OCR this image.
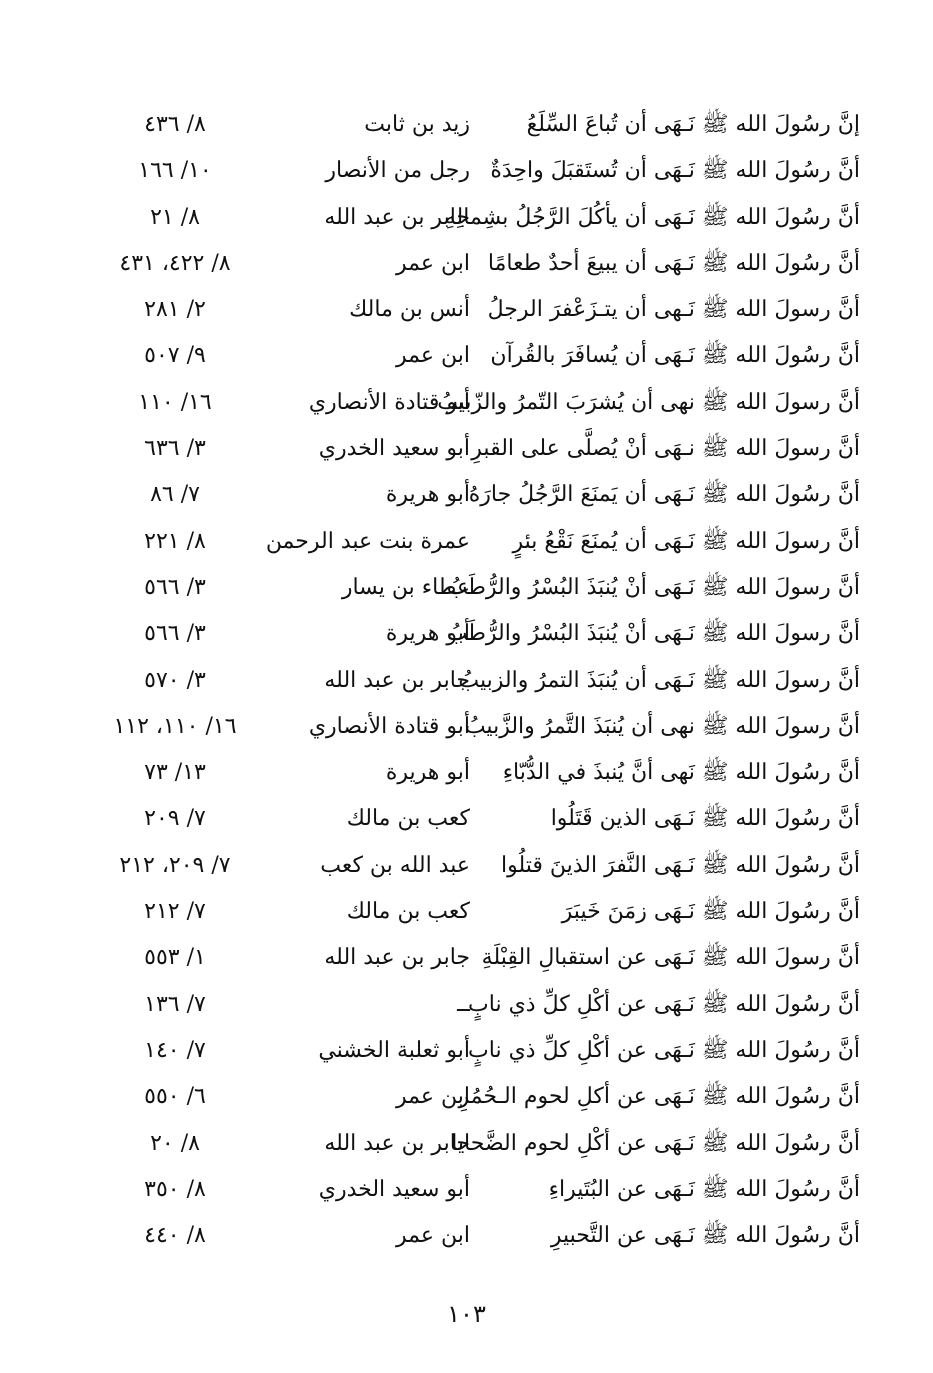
إنَّ رسُولَ الله ﷺ نَـهَى أن تُباعَ السِّلَعُ
زيد بن ثابت
٨/ ٤٣٦
أنَّ رسُولَ الله ﷺ نَـهَى أن تُستَقبَلَ واحِدَةٌ
رجل من الأنصار
١٠/ ١٦٦
أنَّ رسُولَ الله ﷺ نَـهَى أن يأكُلَ الرَّجُلُ بشِمالِهِ
جابر بن عبد الله
٨/ ٢١
أنَّ رسُولَ الله ﷺ نَـهَى أن يبيعَ أحدٌ طعامًا
ابن عمر
٨/ ٤٢٢، ٤٣١
أنَّ رسولَ الله ﷺ نَـهى أن يتـزَعْفرَ الرجلُ
أنس بن مالك
٢/ ٢٨١
أنَّ رسُولَ الله ﷺ نَـهَى أن يُسافَرَ بالقُرآن
ابن عمر
٩/ ٥٠٧
أنَّ رسولَ الله ﷺ نهى أن يُشرَبَ التّمرُ والزّبيبُ
أبو قتادة الأنصاري
١٦/ ١١٠
أنَّ رسولَ الله ﷺ نـهَى أنْ يُصلَّى على القبرِ
أبو سعيد الخدري
٣/ ٦٣٦
أنَّ رسُولَ الله ﷺ نَـهَى أن يَمنَعَ الرَّجُلُ جارَهُ
أبو هريرة
٧/ ٨٦
أنَّ رسولَ الله ﷺ نَـهَى أن يُمنَعَ نَقْعُ بئرٍ
عمرة بنت عبد الرحمن
٨/ ٢٢١
أنَّ رسولَ الله ﷺ نَـهَى أنْ يُنبَذَ البُسْرُ والرُّطَبُ
عطاء بن يسار
٣/ ٥٦٦
أنَّ رسولَ الله ﷺ نَـهَى أنْ يُنبَذَ البُسْرُ والرُّطَبُ
أبو هريرة
٣/ ٥٦٦
أنَّ رسولَ الله ﷺ نَـهَى أن يُنبَذَ التمرُ والزبيبُ
جابر بن عبد الله
٣/ ٥٧٠
أنَّ رسولَ الله ﷺ نهى أن يُنبَذَ التَّمرُ والزَّبيبُ
أبو قتادة الأنصاري
١٦/ ١١٠، ١١٢
أنَّ رسُولَ الله ﷺ نَهى أنَّ يُنبذَ في الدُّبّاءِ
أبو هريرة
١٣/ ٧٣
أنَّ رسُولَ الله ﷺ نَـهَى الذين قَتَلُوا
كعب بن مالك
٧/ ٢٠٩
أنَّ رسُولَ الله ﷺ نَـهَى النَّفرَ الذينَ قتلُوا
عبد الله بن كعب
٧/ ٢٠٩، ٢١٢
أنَّ رسُولَ الله ﷺ نَـهَى زمَنَ خَيبَرَ
كعب بن مالك
٧/ ٢١٢
أنَّ رسولَ الله ﷺ نَـهَى عن استقبالِ القِبْلَةِ
جابر بن عبد الله
١/ ٥٥٣
أنَّ رسُولَ الله ﷺ نَـهَى عن أكْلِ كلِّ ذي نابٍ
ــ
٧/ ١٣٦
أنَّ رسُولَ الله ﷺ نَـهَى عن أكْلِ كلِّ ذي نابٍ
أبو ثعلبة الخشني
٧/ ١٤٠
أنَّ رسُولَ الله ﷺ نَـهَى عن أكلِ لحوم الـحُمُرِ
ابن عمر
٦/ ٥٥٠
أنَّ رسُولَ الله ﷺ نَـهَى عن أكْلِ لحوم الضَّحايا
جابر بن عبد الله
٨/ ٢٠
أنَّ رسُولَ الله ﷺ نَـهَى عن البُتَيراءِ
أبو سعيد الخدري
٨/ ٣٥٠
أنَّ رسُولَ الله ﷺ نَـهَى عن التَّحبيرِ
ابن عمر
٨/ ٤٤٠
١٠٣
